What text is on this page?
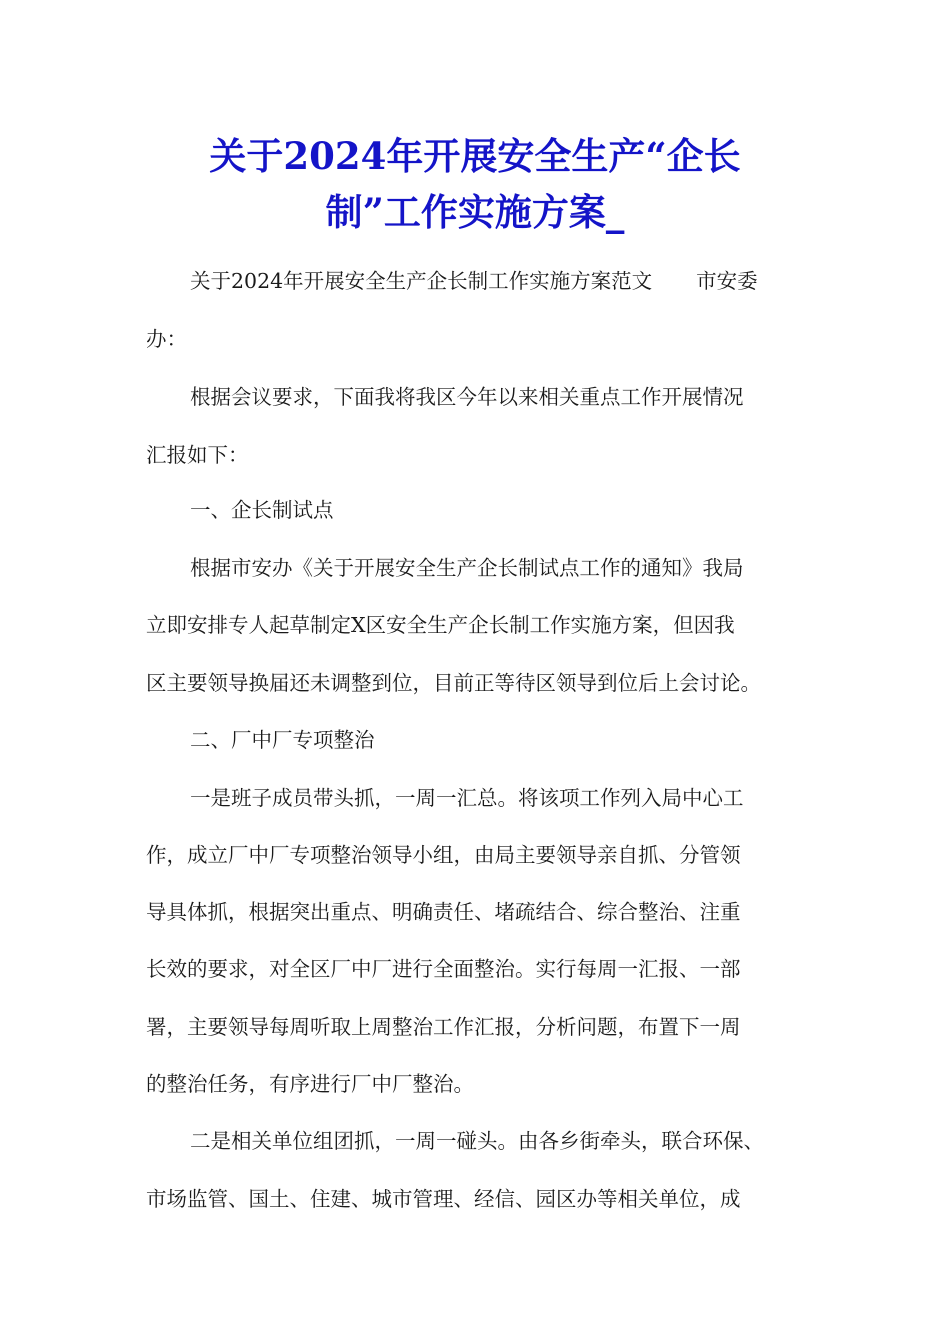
关于2024年开展安全生产“企长
制”工作实施方案_

关于2024年开展安全生产企长制工作实施方案范文 市安委

办：

根据会议要求，下面我将我区今年以来相关重点工作开展情况

汇报如下：

一、企长制试点

根据市安办《关于开展安全生产企长制试点工作的通知》我局

立即安排专人起草制定X区安全生产企长制工作实施方案，但因我

区主要领导换届还未调整到位，目前正等待区领导到位后上会讨论。

二、厂中厂专项整治

一是班子成员带头抓，一周一汇总。将该项工作列入局中心工

作，成立厂中厂专项整治领导小组，由局主要领导亲自抓、分管领

导具体抓，根据突出重点、明确责任、堵疏结合、综合整治、注重

长效的要求，对全区厂中厂进行全面整治。实行每周一汇报、一部

署，主要领导每周听取上周整治工作汇报，分析问题，布置下一周

的整治任务，有序进行厂中厂整治。

二是相关单位组团抓，一周一碰头。由各乡街牵头，联合环保、

市场监管、国土、住建、城市管理、经信、园区办等相关单位，成
